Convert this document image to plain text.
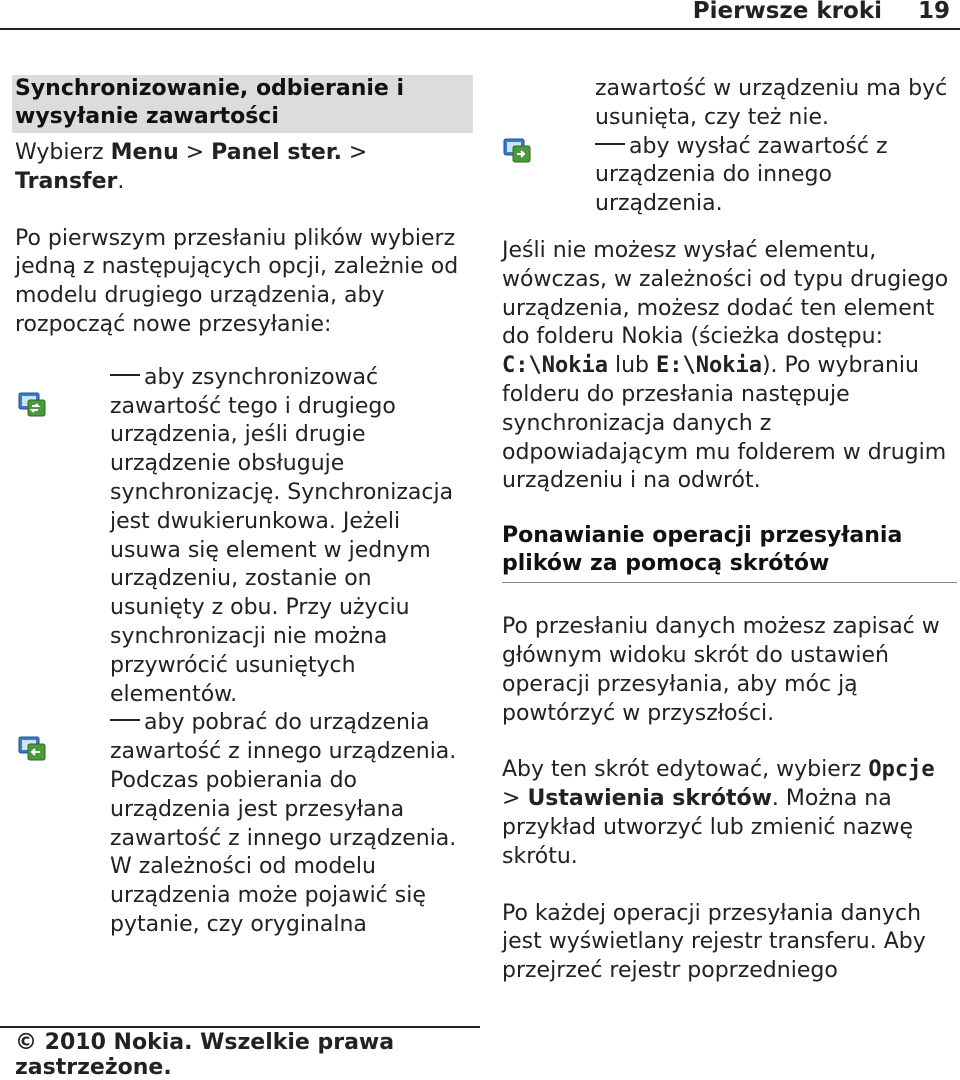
Pierwsze kroki 19
Synchronizowanie, odbieranie i wysyłanie zawartości

Wybierz Menu > Panel ster. > Transfer.

Po pierwszym przesłaniu plików wybierz jedną z następujących opcji, zależnie od modelu drugiego urządzenia, aby rozpocząć nowe przesyłanie:

aby zsynchronizować zawartość tego i drugiego urządzenia, jeśli drugie urządzenie obsługuje synchronizację. Synchronizacja jest dwukierunkowa. Jeżeli usuwa się element w jednym urządzeniu, zostanie on usunięty z obu. Przy użyciu synchronizacji nie można przywrócić usuniętych elementów.

aby pobrać do urządzenia zawartość z innego urządzenia. Podczas pobierania do urządzenia jest przesyłana zawartość z innego urządzenia. W zależności od modelu urządzenia może pojawić się pytanie, czy oryginalna

zawartość w urządzeniu ma być usunięta, czy też nie.

aby wysłać zawartość z urządzenia do innego urządzenia.

Jeśli nie możesz wysłać elementu, wówczas, w zależności od typu drugiego urządzenia, możesz dodać ten element do folderu Nokia (ścieżka dostępu: C:\Nokia lub E:\Nokia). Po wybraniu folderu do przesłania następuje synchronizacja danych z odpowiadającym mu folderem w drugim urządzeniu i na odwrót.

Ponawianie operacji przesyłania plików za pomocą skrótów

Po przesłaniu danych możesz zapisać w głównym widoku skrót do ustawień operacji przesyłania, aby móc ją powtórzyć w przyszłości.

Aby ten skrót edytować, wybierz Opcje > Ustawienia skrótów. Można na przykład utworzyć lub zmienić nazwę skrótu.

Po każdej operacji przesyłania danych jest wyświetlany rejestr transferu. Aby przejrzeć rejestr poprzedniego

© 2010 Nokia. Wszelkie prawa zastrzeżone.
